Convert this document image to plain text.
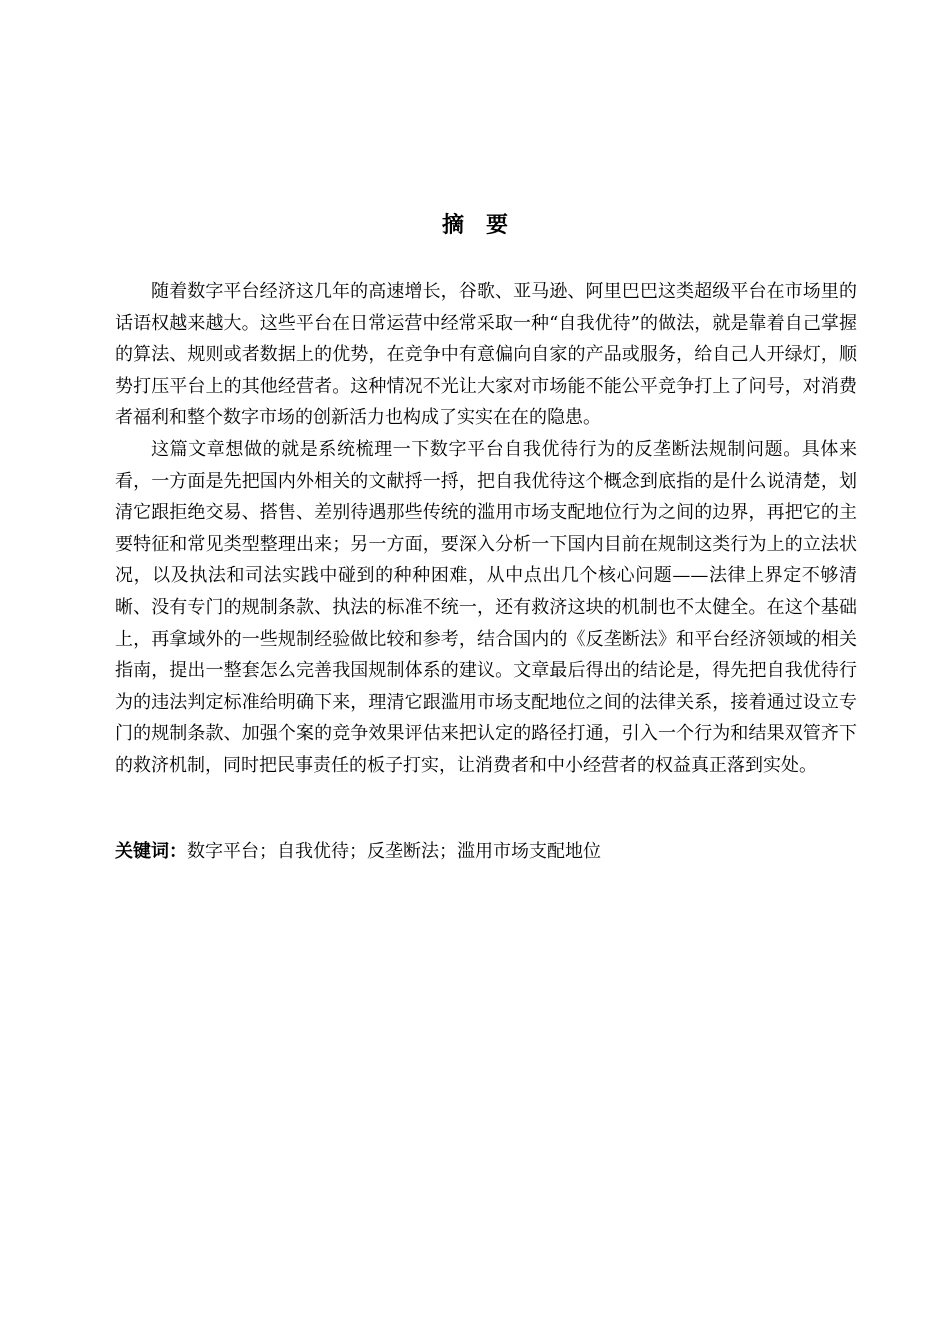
摘要

随着数字平台经济这几年的高速增长，谷歌、亚马逊、阿里巴巴这类超级平台在市场里的话语权越来越大。这些平台在日常运营中经常采取一种“自我优待”的做法，就是靠着自己掌握的算法、规则或者数据上的优势，在竞争中有意偏向自家的产品或服务，给自己人开绿灯，顺势打压平台上的其他经营者。这种情况不光让大家对市场能不能公平竞争打上了问号，对消费者福利和整个数字市场的创新活力也构成了实实在在的隐患。

这篇文章想做的就是系统梳理一下数字平台自我优待行为的反垄断法规制问题。具体来看，一方面是先把国内外相关的文献捋一捋，把自我优待这个概念到底指的是什么说清楚，划清它跟拒绝交易、搭售、差别待遇那些传统的滥用市场支配地位行为之间的边界，再把它的主要特征和常见类型整理出来；另一方面，要深入分析一下国内目前在规制这类行为上的立法状况，以及执法和司法实践中碰到的种种困难，从中点出几个核心问题——法律上界定不够清晰、没有专门的规制条款、执法的标准不统一，还有救济这块的机制也不太健全。在这个基础上，再拿域外的一些规制经验做比较和参考，结合国内的《反垄断法》和平台经济领域的相关指南，提出一整套怎么完善我国规制体系的建议。文章最后得出的结论是，得先把自我优待行为的违法判定标准给明确下来，理清它跟滥用市场支配地位之间的法律关系，接着通过设立专门的规制条款、加强个案的竞争效果评估来把认定的路径打通，引入一个行为和结果双管齐下的救济机制，同时把民事责任的板子打实，让消费者和中小经营者的权益真正落到实处。

关键词：数字平台；自我优待；反垄断法；滥用市场支配地位
